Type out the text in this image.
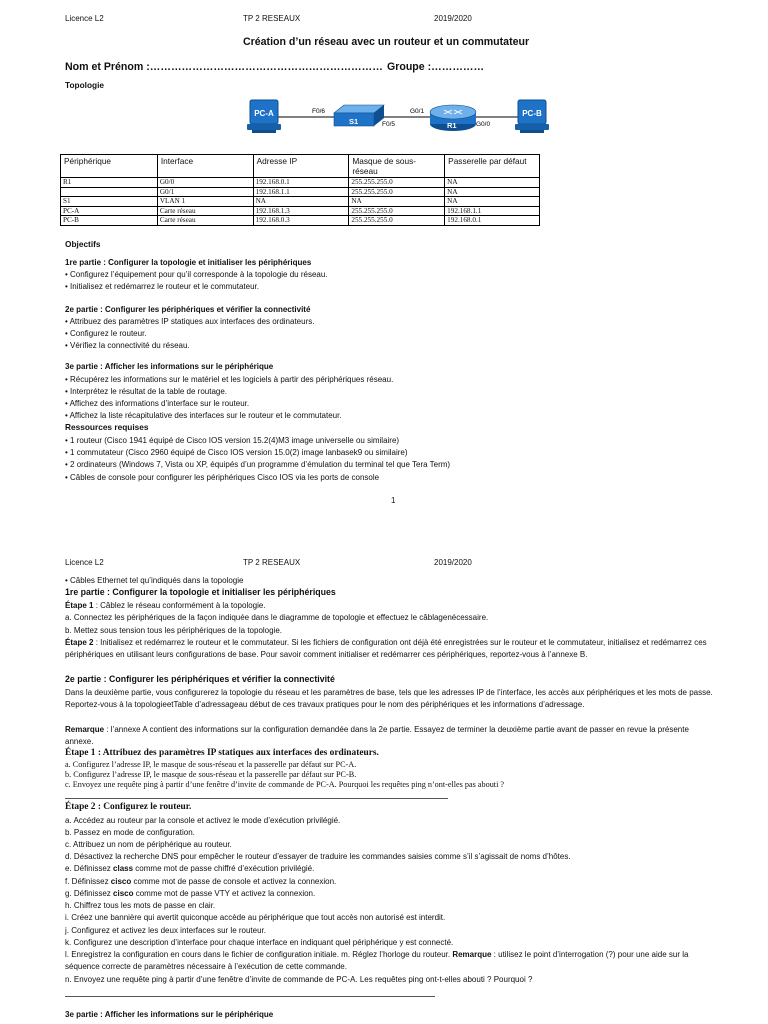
Licence L2	TP 2 RESEAUX	2019/2020
Création d’un réseau avec un routeur et un commutateur
Nom et Prénom :………………………………………………………… Groupe :……………
Topologie
PC-A
S1	R1
PC-B
F0/6
F0/5
G0/1
G0/0
Périphérique	Interface	Adresse IP	Masque de sous-réseau	Passerelle par défaut
R1	G0/0	192.168.0.1	255.255.255.0	NA
	G0/1	192.168.1.1	255.255.255.0	NA
S1	VLAN 1	NA	NA	NA
PC-A	Carte réseau	192.168.1.3	255.255.255.0	192.168.1.1
PC-B	Carte réseau	192.168.0.3	255.255.255.0	192.168.0.1
Objectifs
1re partie : Configurer la topologie et initialiser les périphériques
• Configurez l’équipement pour qu’il corresponde à la topologie du réseau.
• Initialisez et redémarrez le routeur et le commutateur.
2e partie : Configurer les périphériques et vérifier la connectivité
• Attribuez des paramètres IP statiques aux interfaces des ordinateurs.
• Configurez le routeur.
• Vérifiez la connectivité du réseau.
3e partie : Afficher les informations sur le périphérique
• Récupérez les informations sur le matériel et les logiciels à partir des périphériques réseau.
• Interprétez le résultat de la table de routage.
• Affichez des informations d’interface sur le routeur.
• Affichez la liste récapitulative des interfaces sur le routeur et le commutateur.
Ressources requises
• 1 routeur (Cisco 1941 équipé de Cisco IOS version 15.2(4)M3 image universelle ou similaire)
• 1 commutateur (Cisco 2960 équipé de Cisco IOS version 15.0(2) image lanbasek9 ou similaire)
• 2 ordinateurs (Windows 7, Vista ou XP, équipés d’un programme d’émulation du terminal tel que Tera Term)
• Câbles de console pour configurer les périphériques Cisco IOS via les ports de console
1
Licence L2	TP 2 RESEAUX	2019/2020
• Câbles Ethernet tel qu’indiqués dans la topologie
1re partie : Configurer la topologie et initialiser les périphériques
Étape 1 : Câblez le réseau conformément à la topologie.
a. Connectez les périphériques de la façon indiquée dans le diagramme de topologie et effectuez le câblagenécessaire.
b. Mettez sous tension tous les périphériques de la topologie.
Étape 2 : Initialisez et redémarrez le routeur et le commutateur. Si les fichiers de configuration ont déjà été enregistrées sur le routeur et le commutateur, initialisez et redémarrez ces périphériques en utilisant leurs configurations de base. Pour savoir comment initialiser et redémarrer ces périphériques, reportez-vous à l’annexe B.
2e partie : Configurer les périphériques et vérifier la connectivité
Dans la deuxième partie, vous configurerez la topologie du réseau et les paramètres de base, tels que les adresses IP de l’interface, les accès aux périphériques et les mots de passe. Reportez-vous à la topologieetTable d’adressageau début de ces travaux pratiques pour le nom des périphériques et les informations d’adressage.
Remarque : l’annexe A contient des informations sur la configuration demandée dans la 2e partie. Essayez de terminer la deuxième partie avant de passer en revue la présente annexe.
Étape 1 : Attribuez des paramètres IP statiques aux interfaces des ordinateurs.
a. Configurez l’adresse IP, le masque de sous-réseau et la passerelle par défaut sur PC-A.
b. Configurez l’adresse IP, le masque de sous-réseau et la passerelle par défaut sur PC-B.
c. Envoyez une requête ping à partir d’une fenêtre d’invite de commande de PC-A. Pourquoi les requêtes ping n’ont-elles pas abouti ?
Étape 2 : Configurez le routeur.
a. Accédez au routeur par la console et activez le mode d’exécution privilégié.
b. Passez en mode de configuration.
c. Attribuez un nom de périphérique au routeur.
d. Désactivez la recherche DNS pour empêcher le routeur d’essayer de traduire les commandes saisies comme s’il s’agissait de noms d’hôtes.
e. Définissez class comme mot de passe chiffré d’exécution privilégié.
f. Définissez cisco comme mot de passe de console et activez la connexion.
g. Définissez cisco comme mot de passe VTY et activez la connexion.
h. Chiffrez tous les mots de passe en clair.
i. Créez une bannière qui avertit quiconque accède au périphérique que tout accès non autorisé est interdit.
j. Configurez et activez les deux interfaces sur le routeur.
k. Configurez une description d’interface pour chaque interface en indiquant quel périphérique y est connecté.
l. Enregistrez la configuration en cours dans le fichier de configuration initiale. m. Réglez l’horloge du routeur. Remarque : utilisez le point d’interrogation (?) pour une aide sur la séquence correcte de paramètres nécessaire à l’exécution de cette commande.
n. Envoyez une requête ping à partir d’une fenêtre d’invite de commande de PC-A. Les requêtes ping ont-t-elles abouti ? Pourquoi ?
3e partie : Afficher les informations sur le périphérique
